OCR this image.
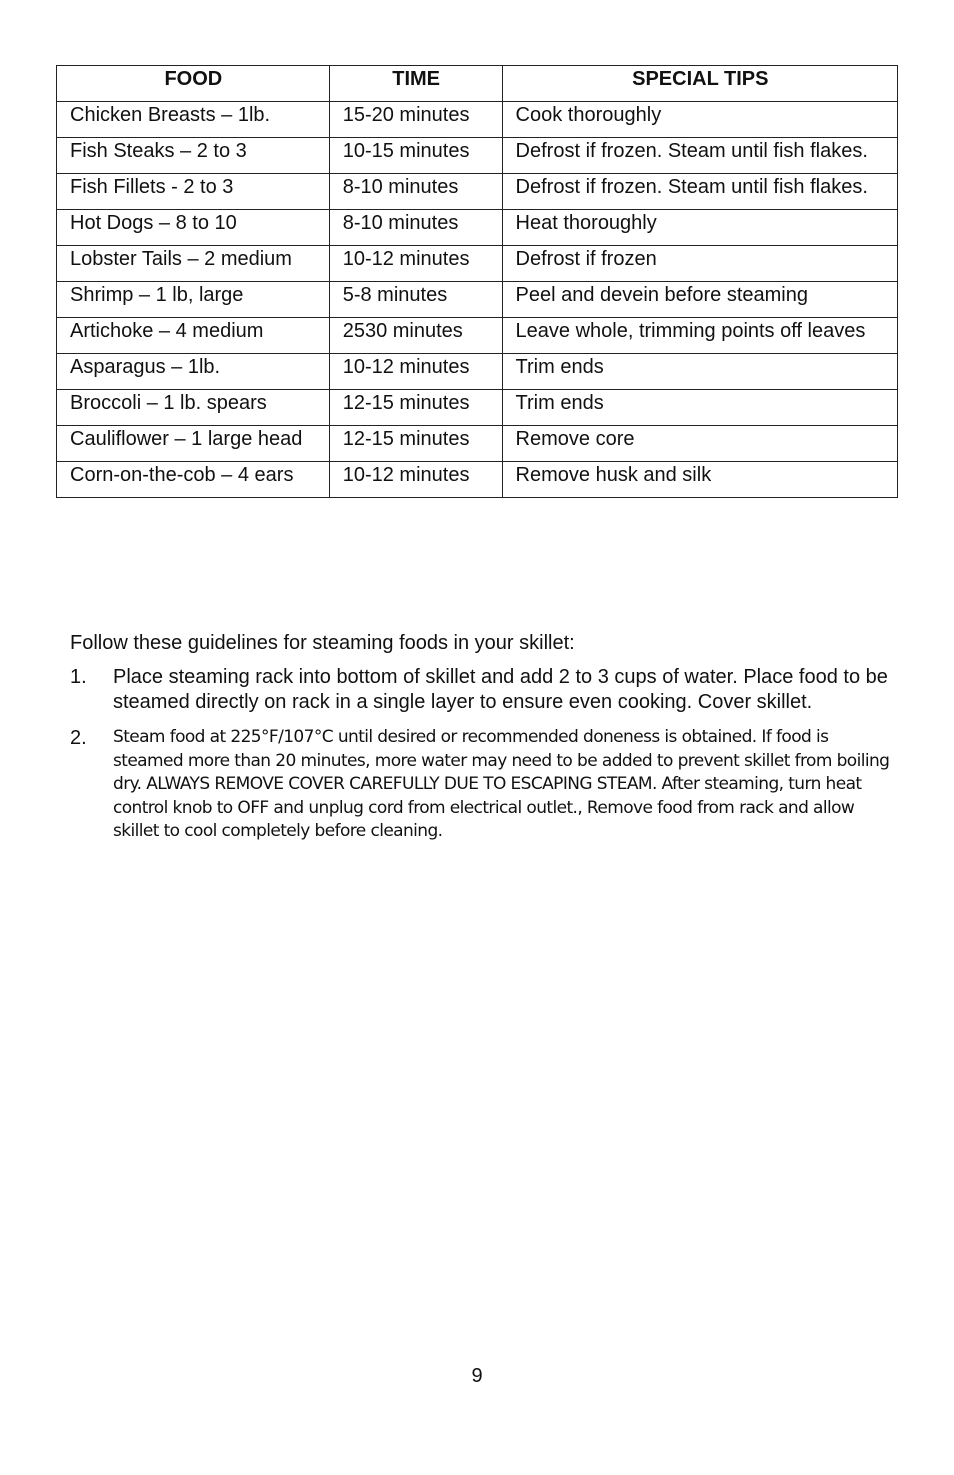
FOOD	TIME	SPECIAL TIPS
Chicken Breasts – 1lb.	15-20 minutes	Cook thoroughly
Fish Steaks – 2 to 3	10-15 minutes	Defrost if frozen. Steam until fish flakes.
Fish Fillets - 2 to 3	8-10 minutes	Defrost if frozen. Steam until fish flakes.
Hot Dogs – 8 to 10	8-10 minutes	Heat thoroughly
Lobster Tails – 2 medium	10-12 minutes	Defrost if frozen
Shrimp – 1 lb, large	5-8 minutes	Peel and devein before steaming
Artichoke – 4 medium	2530 minutes	Leave whole, trimming points off leaves
Asparagus – 1lb.	10-12 minutes	Trim ends
Broccoli – 1 lb. spears	12-15 minutes	Trim ends
Cauliflower – 1 large head	12-15 minutes	Remove core
Corn-on-the-cob – 4 ears	10-12 minutes	Remove husk and silk

Follow these guidelines for steaming foods in your skillet:

1. Place steaming rack into bottom of skillet and add 2 to 3 cups of water. Place food to be steamed directly on rack in a single layer to ensure even cooking. Cover skillet.
2. Steam food at 225°F/107°C until desired or recommended doneness is obtained. If food is steamed more than 20 minutes, more water may need to be added to prevent skillet from boiling dry. ALWAYS REMOVE COVER CAREFULLY DUE TO ESCAPING STEAM. After steaming, turn heat control knob to OFF and unplug cord from electrical outlet., Remove food from rack and allow skillet to cool completely before cleaning.
9
